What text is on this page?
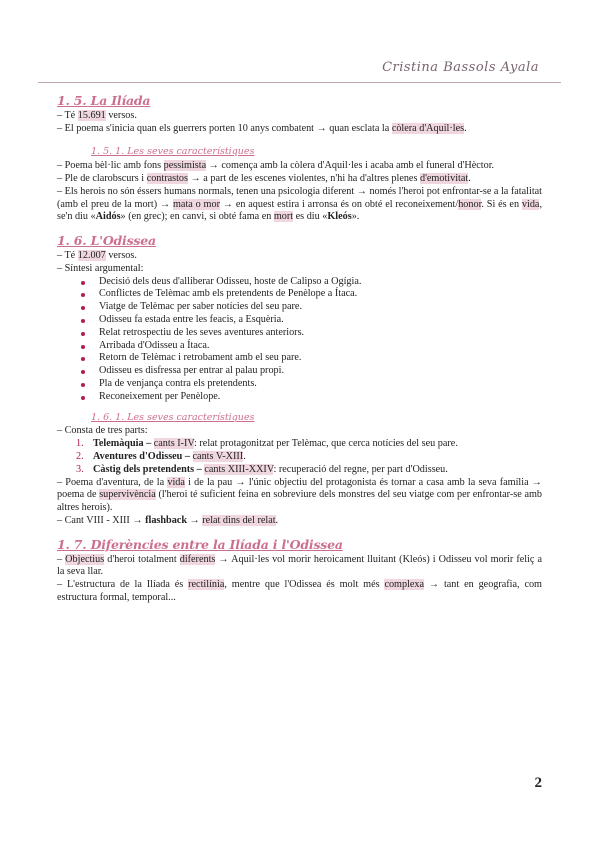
Cristina Bassols Ayala
1. 5. La Ilíada

– Té 15.691 versos.

– El poema s'inicia quan els guerrers porten 10 anys combatent → quan esclata la còlera d'Aquil·les.

1. 5. 1. Les seves característiques

– Poema bèl·lic amb fons pessimista → comença amb la còlera d'Aquil·les i acaba amb el funeral d'Hèctor.

– Ple de clarobscurs i contrastos → a part de les escenes violentes, n'hi ha d'altres plenes d'emotivitat.

– Els herois no són éssers humans normals, tenen una psicologia diferent → només l'heroi pot enfrontar-se a la fatalitat (amb el preu de la mort) → mata o mor → en aquest estira i arronsa és on obté el reconeixement/honor. Si és en vida, se'n diu «Aidós» (en grec); en canvi, si obté fama en mort es diu «Kleós».

1. 6. L'Odissea

– Té 12.007 versos.

– Síntesi argumental:

Decisió dels deus d'alliberar Odisseu, hoste de Calipso a Ogígia.
Conflictes de Telèmac amb els pretendents de Penèlope a Ítaca.
Viatge de Telèmac per saber notícies del seu pare.
Odisseu fa estada entre les feacis, a Esquèria.
Relat retrospectiu de les seves aventures anteriors.
Arribada d'Odisseu a Ítaca.
Retorn de Telèmac i retrobament amb el seu pare.
Odisseu es disfressa per entrar al palau propi.
Pla de venjança contra els pretendents.
Reconeixement per Penèlope.
1. 6. 1. Les seves característiques

– Consta de tres parts:

1. Telemàquia – cants I-IV: relat protagonitzat per Telèmac, que cerca notícies del seu pare.
2. Aventures d'Odisseu – cants V-XIII.
3. Càstig dels pretendents – cants XIII-XXIV: recuperació del regne, per part d'Odisseu.

– Poema d'aventura, de la vida i de la pau → l'únic objectiu del protagonista és tornar a casa amb la seva família → poema de supervivència (l'heroi té suficient feina en sobreviure dels monstres del seu viatge com per enfrontar-se amb altres herois).

– Cant VIII - XIII → flashback → relat dins del relat.

1. 7. Diferències entre la Ilíada i l'Odissea

– Objectius d'heroi totalment diferents → Aquil·les vol morir heroicament lluitant (Kleós) i Odisseu vol morir feliç a la seva llar.

– L'estructura de la Ilíada és rectilínia, mentre que l'Odissea és molt més complexa → tant en geografia, com estructura formal, temporal...

2
